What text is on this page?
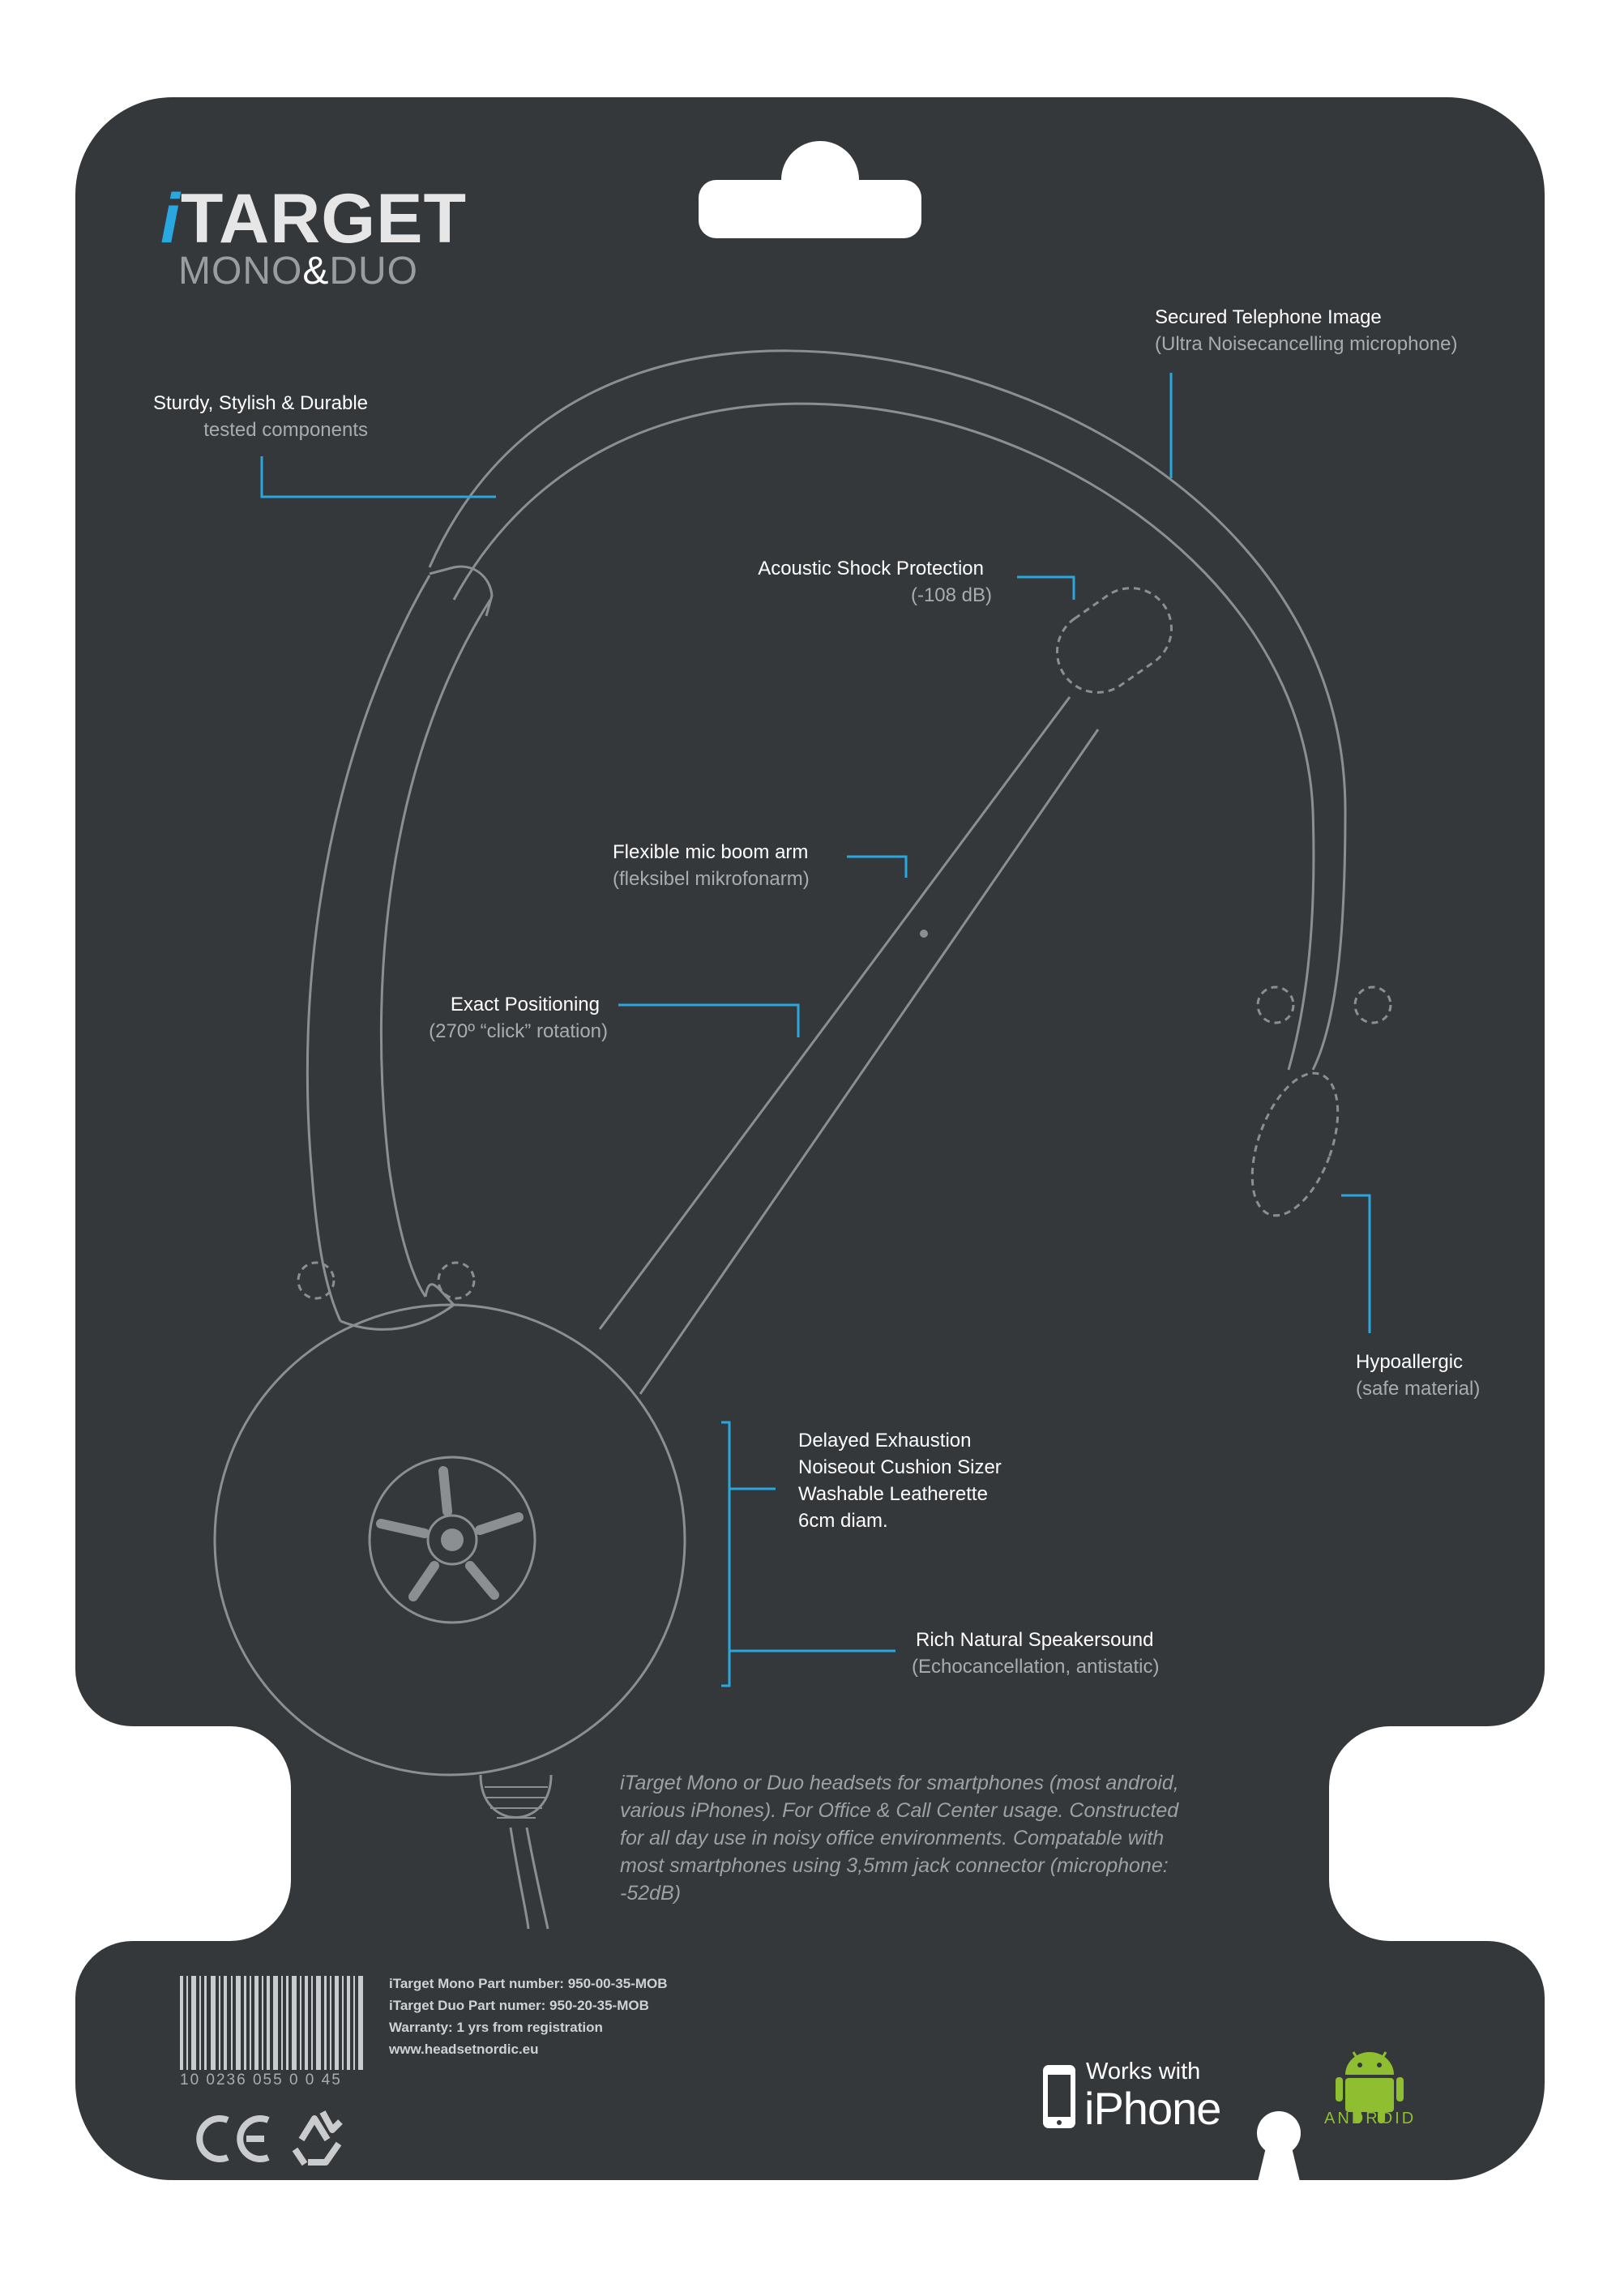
iTARGET
MONO&DUO
Secured Telephone Image
(Ultra Noisecancelling microphone)
Sturdy, Stylish & Durable
tested components
Acoustic Shock Protection
(-108 dB)
Flexible mic boom arm
(fleksibel mikrofonarm)
Exact Positioning
(270º “click” rotation)
Hypoallergic
(safe material)
Delayed Exhaustion
Noiseout Cushion Sizer
Washable Leatherette
6cm diam.
Rich Natural Speakersound
(Echocancellation, antistatic)
iTarget Mono or Duo headsets for smartphones (most android, various iPhones). For Office & Call Center usage. Constructed for all day use in noisy office environments. Compatable with most smartphones using 3,5mm jack connector (microphone: -52dB)
iTarget Mono Part number: 950-00-35-MOB
iTarget Duo Part numer: 950-20-35-MOB
Warranty: 1 yrs from registration
www.headsetnordic.eu
10 0236 055 0 0 45	Works with
iPhone	ANDROID
